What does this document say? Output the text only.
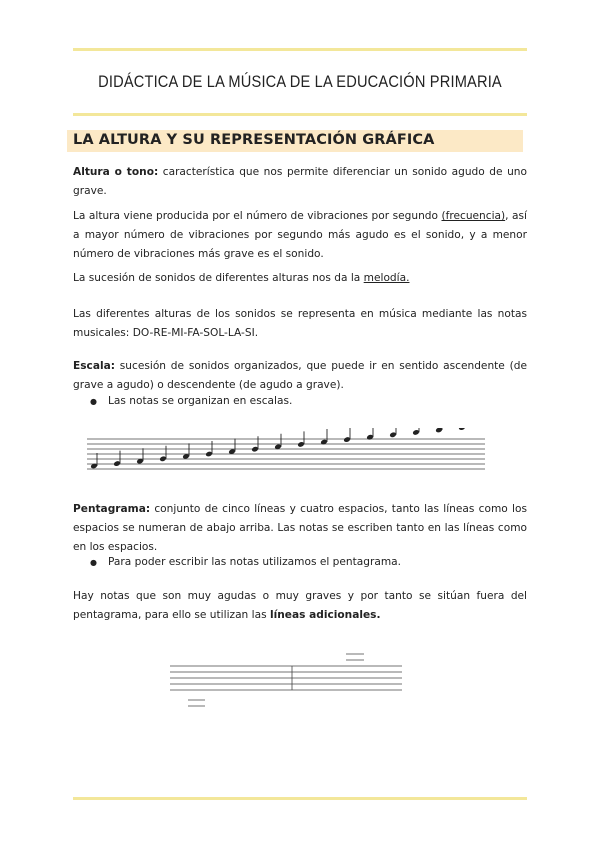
DIDÁCTICA DE LA MÚSICA DE LA EDUCACIÓN PRIMARIA
LA ALTURA Y SU REPRESENTACIÓN GRÁFICA
Altura o tono: característica que nos permite diferenciar un sonido agudo de uno grave.
La altura viene producida por el número de vibraciones por segundo (frecuencia), así a mayor número de vibraciones por segundo más agudo es el sonido, y a menor número de vibraciones más grave es el sonido.
La sucesión de sonidos de diferentes alturas nos da la melodía.
Las diferentes alturas de los sonidos se representa en música mediante las notas musicales: DO-RE-MI-FA-SOL-LA-SI.
Escala: sucesión de sonidos organizados, que puede ir en sentido ascendente (de grave a agudo) o descendente (de agudo a grave).
● Las notas se organizan en escalas.
Pentagrama: conjunto de cinco líneas y cuatro espacios, tanto las líneas como los espacios se numeran de abajo arriba. Las notas se escriben tanto en las líneas como en los espacios.
● Para poder escribir las notas utilizamos el pentagrama.
Hay notas que son muy agudas o muy graves y por tanto se sitúan fuera del pentagrama, para ello se utilizan las líneas adicionales.
